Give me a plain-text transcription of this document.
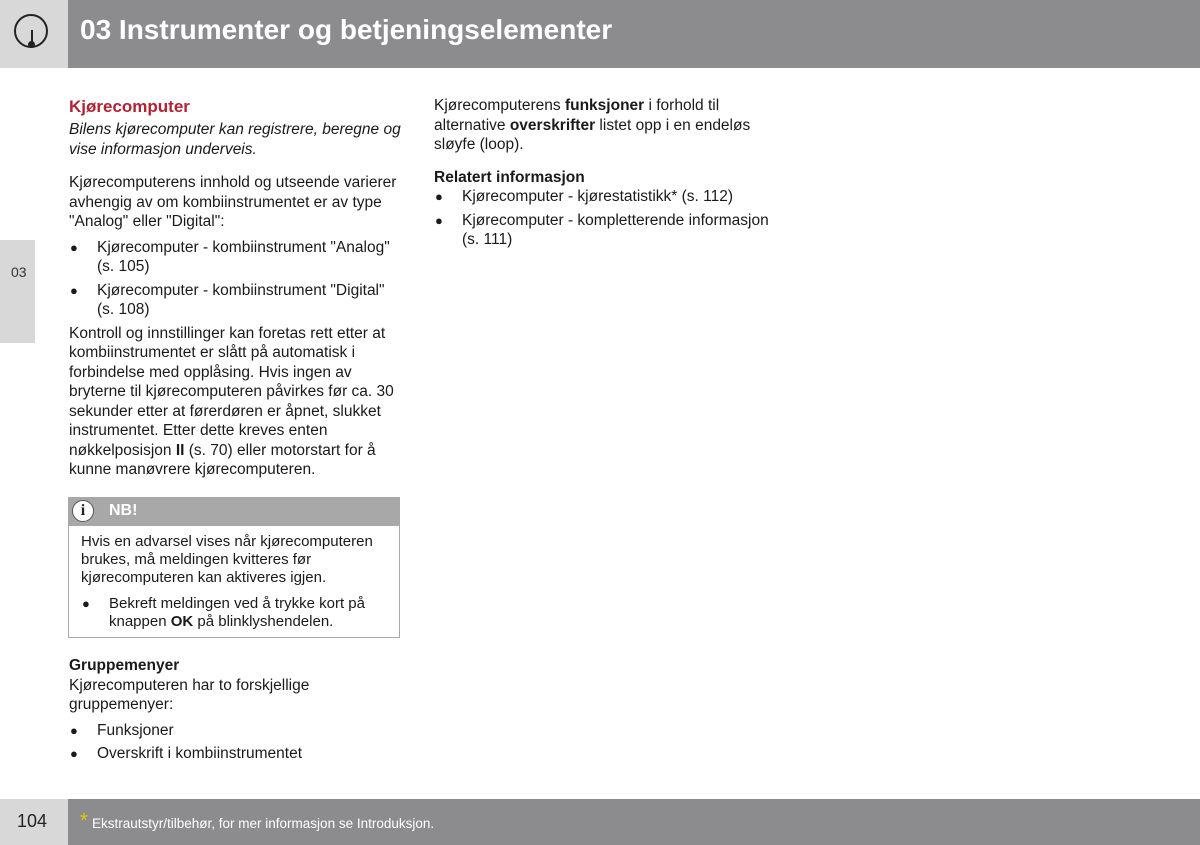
03 Instrumenter og betjeningselementer
03

Kjørecomputer

Bilens kjørecomputer kan registrere, beregne og vise informasjon underveis.

Kjørecomputerens innhold og utseende varierer avhengig av om kombiinstrumentet er av type "Analog" eller "Digital":

● Kjørecomputer - kombiinstrument "Analog" (s. 105)
● Kjørecomputer - kombiinstrument "Digital" (s. 108)

Kontroll og innstillinger kan foretas rett etter at kombiinstrumentet er slått på automatisk i forbindelse med opplåsing. Hvis ingen av bryterne til kjørecomputeren påvirkes før ca. 30 sekunder etter at førerdøren er åpnet, slukket instrumentet. Etter dette kreves enten nøkkelposisjon II (s. 70) eller motorstart for å kunne manøvrere kjørecomputeren.

i	NB!

Hvis en advarsel vises når kjørecomputeren brukes, må meldingen kvitteres før kjørecomputeren kan aktiveres igjen.

● Bekreft meldingen ved å trykke kort på knappen OK på blinklyshendelen.

Gruppemenyer

Kjørecomputeren har to forskjellige gruppemenyer:

● Funksjoner
● Overskrift i kombiinstrumentet

Kjørecomputerens funksjoner i forhold til alternative overskrifter listet opp i en endeløs sløyfe (loop).

Relatert informasjon

● Kjørecomputer - kjørestatistikk* (s. 112)
● Kjørecomputer - kompletterende informasjon (s. 111)
104 * Ekstrautstyr/tilbehør, for mer informasjon se Introduksjon.
